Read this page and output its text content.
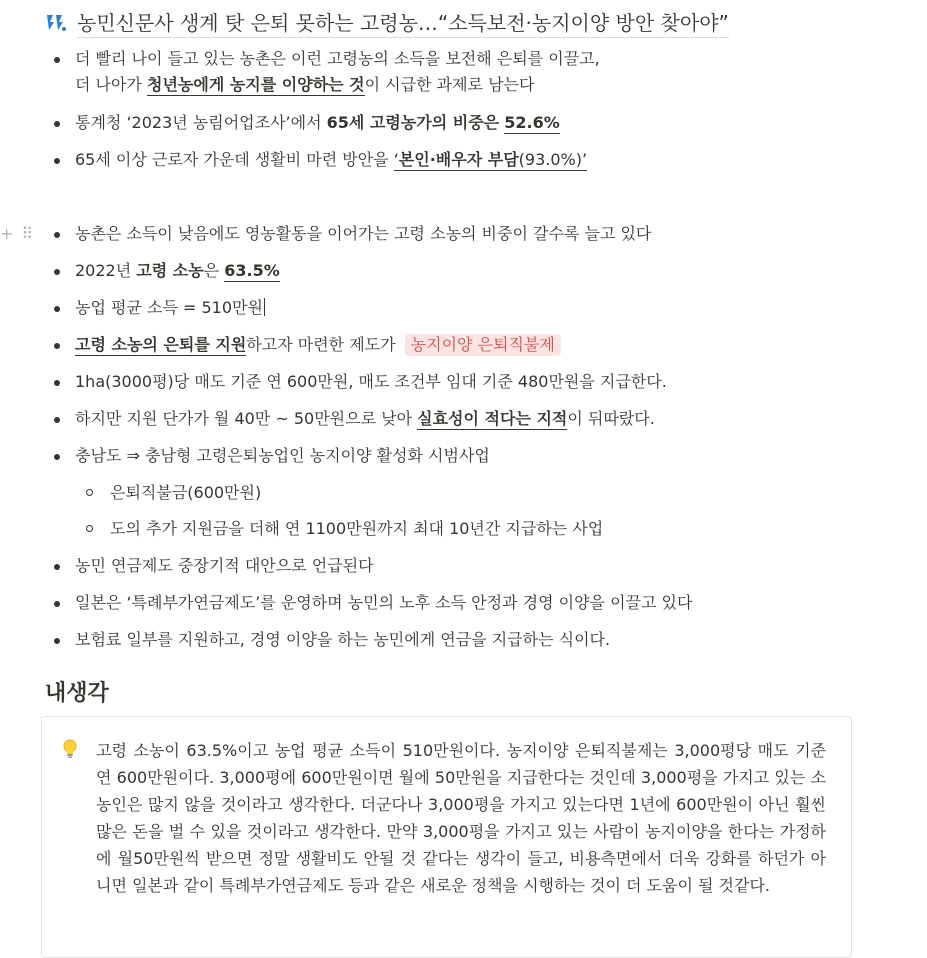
농민신문사 생계 탓 은퇴 못하는 고령농…“소득보전·농지이양 방안 찾아야”
더 빨리 나이 들고 있는 농촌은 이런 고령농의 소득을 보전해 은퇴를 이끌고,
더 나아가 청년농에게 농지를 이양하는 것이 시급한 과제로 남는다
통계청 ‘2023년 농림어업조사’에서 65세 고령농가의 비중은 52.6%
65세 이상 근로자 가운데 생활비 마련 방안을 ‘본인·배우자 부담(93.0%)’
+ ⠿	농촌은 소득이 낮음에도 영농활동을 이어가는 고령 소농의 비중이 갈수록 늘고 있다
2022년 고령 소농은 63.5%
농업 평균 소득 = 510만원
고령 소농의 은퇴를 지원하고자 마련한 제도가 농지이양 은퇴직불제
1ha(3000평)당 매도 기준 연 600만원, 매도 조건부 임대 기준 480만원을 지급한다.
하지만 지원 단가가 월 40만 ~ 50만원으로 낮아 실효성이 적다는 지적이 뒤따랐다.
충남도 ⇒ 충남형 고령은퇴농업인 농지이양 활성화 시범사업
은퇴직불금(600만원)
도의 추가 지원금을 더해 연 1100만원까지 최대 10년간 지급하는 사업
농민 연금제도 중장기적 대안으로 언급된다
일본은 ‘특례부가연금제도’를 운영하며 농민의 노후 소득 안정과 경영 이양을 이끌고 있다
보험료 일부를 지원하고, 경영 이양을 하는 농민에게 연금을 지급하는 식이다.
내생각

고령 소농이 63.5%이고 농업 평균 소득이 510만원이다. 농지이양 은퇴직불제는 3,000평당 매도 기준 연 600만원이다. 3,000평에 600만원이면 월에 50만원을 지급한다는 것인데 3,000평을 가지고 있는 소농인은 많지 않을 것이라고 생각한다. 더군다나 3,000평을 가지고 있는다면 1년에 600만원이 아닌 훨씬 많은 돈을 벌 수 있을 것이라고 생각한다. 만약 3,000평을 가지고 있는 사람이 농지이양을 한다는 가정하에 월50만원씩 받으면 정말 생활비도 안될 것 같다는 생각이 들고, 비용측면에서 더욱 강화를 하던가 아니면 일본과 같이 특례부가연금제도 등과 같은 새로운 정책을 시행하는 것이 더 도움이 될 것같다.
